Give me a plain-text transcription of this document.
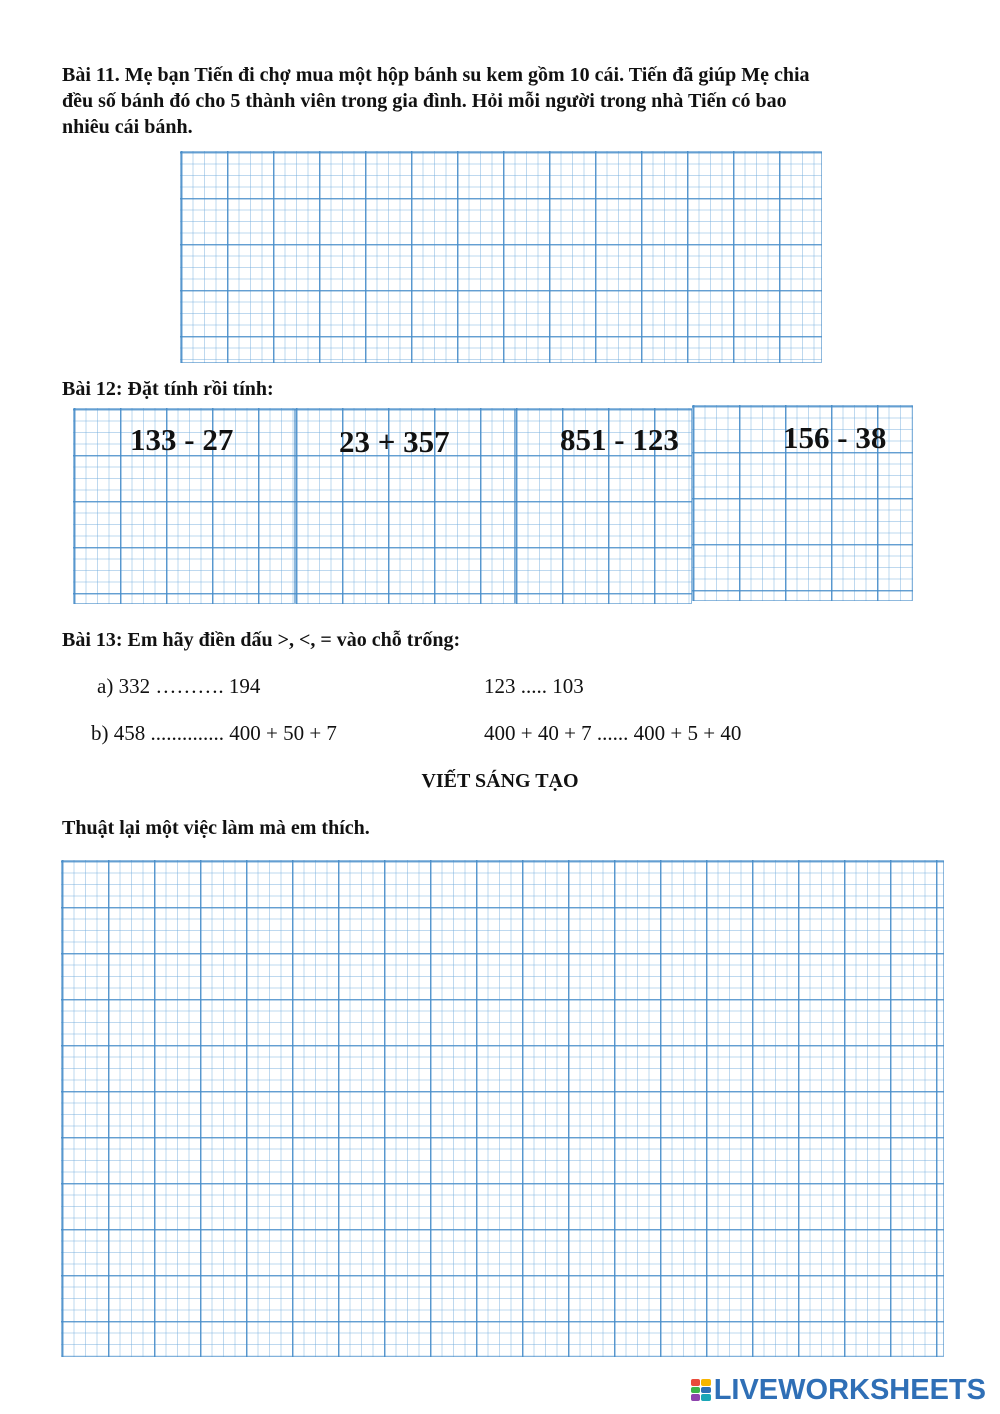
Bài 11. Mẹ bạn Tiến đi chợ mua một hộp bánh su kem gồm 10 cái. Tiến đã giúp Mẹ chia
đều số bánh đó cho 5 thành viên trong gia đình. Hỏi mỗi người trong nhà Tiến có bao
nhiêu cái bánh.
Bài 12: Đặt tính rồi tính:
133 - 27	23 + 357	851 - 123	156 - 38
Bài 13: Em hãy điền dấu >, <, = vào chỗ trống:
a) 332 ………. 194	123 ..... 103
b) 458 .............. 400 + 50 + 7	400 + 40 + 7 ...... 400 + 5 + 40
VIẾT SÁNG TẠO
Thuật lại một việc làm mà em thích.
LIVEWORKSHEETS
